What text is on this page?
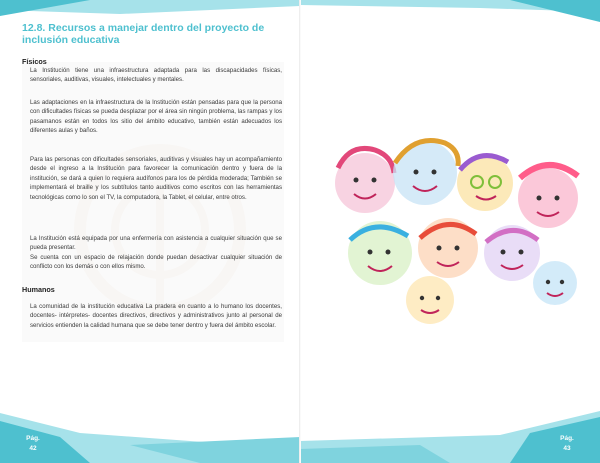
12.8. Recursos a manejar dentro del proyecto de inclusión educativa
Físicos

La Institución tiene una infraestructura adaptada para las discapacidades físicas, sensoriales, auditivas, visuales, intelectuales y mentales.

Las adaptaciones en la infraestructura de la Institución están pensadas para que la persona con dificultades físicas se pueda desplazar por el área sin ningún problema, las rampas y los pasamanos están en todos los sitio del ámbito educativo, también están adecuados los diferentes aulas y baños.

Para las personas con dificultades sensoriales, auditivas y visuales hay un acompañamiento desde el ingreso a la Institución para favorecer la comunicación dentro y fuera de la institución, se dará a quien lo requiera audífonos para los de pérdida moderada; También se implementará el braille y los subtítulos tanto auditivos como escritos con las herramientas tecnológicas como lo son el TV, la computadora, la Tablet, el celular, entre otros.

La Institución está equipada por una enfermería con asistencia a cualquier situación que se pueda presentar.

Se cuenta con un espacio de relajación donde puedan desactivar cualquier situación de conflicto con los demás o con ellos mismo.

Humanos

La comunidad de la institución educativa La pradera en cuanto a lo humano los docentes, docentes- intérpretes- docentes directivos, directivos y administrativos junto al personal de servicios entienden la calidad humana que se debe tener dentro y fuera del ámbito escolar.

Pág.
42
Pág.
43
